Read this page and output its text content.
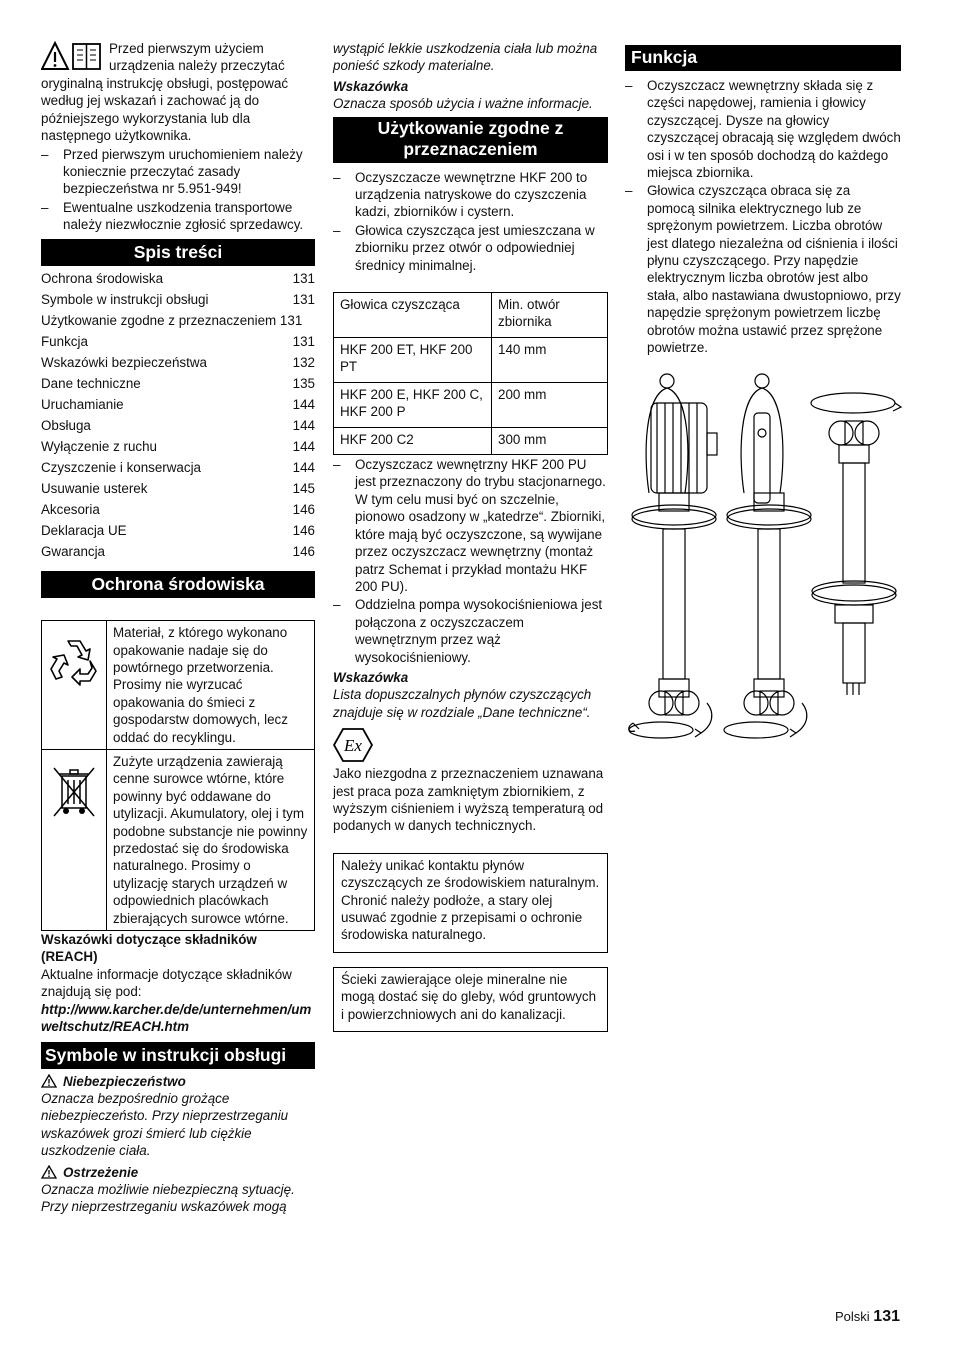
Przed pierwszym użyciem urządzenia należy przeczytać

oryginalną instrukcję obsługi, postępować według jej wskazań i zachować ją do późniejszego wykorzystania lub dla następnego użytkownika.

– Przed pierwszym uruchomieniem należy koniecznie przeczytać zasady bezpieczeństwa nr 5.951-949!
– Ewentualne uszkodzenia transportowe należy niezwłocznie zgłosić sprzedawcy.
Spis treści
Ochrona środowiska	131
Symbole w instrukcji obsługi	131
Użytkowanie zgodne z przeznaczeniem 131
Funkcja	131
Wskazówki bezpieczeństwa	132
Dane techniczne	135
Uruchamianie	144
Obsługa	144
Wyłączenie z ruchu	144
Czyszczenie i konserwacja	144
Usuwanie usterek	145
Akcesoria	146
Deklaracja UE	146
Gwarancja	146
Ochrona środowiska
	Materiał, z którego wykonano opakowanie nadaje się do powtórnego przetworzenia. Prosimy nie wyrzucać opakowania do śmieci z gospodarstw domowych, lecz oddać do recyklingu.
	Zużyte urządzenia zawierają cenne surowce wtórne, które powinny być oddawane do utylizacji. Akumulatory, olej i tym podobne substancje nie powinny przedostać się do środowiska naturalnego. Prosimy o utylizację starych urządzeń w odpowiednich placówkach zbierających surowce wtórne.

Wskazówki dotyczące składników (REACH)

Aktualne informacje dotyczące składników znajdują się pod:

http://www.karcher.de/de/unternehmen/umweltschutz/REACH.htm

Symbole w instrukcji obsługi
Niebezpieczeństwo

Oznacza bezpośrednio grożące niebezpieczeństo. Przy nieprzestrzeganiu wskazówek grozi śmierć lub ciężkie uszkodzenie ciała.

Ostrzeżenie

Oznacza możliwie niebezpieczną sytuację. Przy nieprzestrzeganiu wskazówek mogą

wystąpić lekkie uszkodzenia ciała lub można ponieść szkody materialne.

Wskazówka

Oznacza sposób użycia i ważne informacje.

Użytkowanie zgodne z przeznaczeniem
– Oczyszczacze wewnętrzne HKF 200 to urządzenia natryskowe do czyszczenia kadzi, zbiorników i cystern.
– Głowica czyszcząca jest umieszczana w zbiorniku przez otwór o odpowiedniej średnicy minimalnej.
Głowica czyszcząca	Min. otwór zbiornika
HKF 200 ET, HKF 200 PT	140 mm
HKF 200 E, HKF 200 C, HKF 200 P	200 mm
HKF 200 C2	300 mm
– Oczyszczacz wewnętrzny HKF 200 PU jest przeznaczony do trybu stacjonarnego. W tym celu musi być on szczelnie, pionowo osadzony w „katedrze“. Zbiorniki, które mają być oczyszczone, są wywijane przez oczyszczacz wewnętrzny (montaż patrz Schemat i przykład montażu HKF 200 PU).
– Oddzielna pompa wysokociśnieniowa jest połączona z oczyszczaczem wewnętrznym przez wąż wysokociśnieniowy.

Wskazówka

Lista dopuszczalnych płynów czyszczących znajduje się w rozdziale „Dane techniczne“.

Ex

Jako niezgodna z przeznaczeniem uznawana jest praca poza zamkniętym zbiornikiem, z wyższym ciśnieniem i wyższą temperaturą od podanych w danych technicznych.

Należy unikać kontaktu płynów czyszczących ze środowiskiem naturalnym. Chronić należy podłoże, a stary olej usuwać zgodnie z przepisami o ochronie środowiska naturalnego.
Ścieki zawierające oleje mineralne nie mogą dostać się do gleby, wód gruntowych i powierzchniowych ani do kanalizacji.
Funkcja
– Oczyszczacz wewnętrzny składa się z części napędowej, ramienia i głowicy czyszczącej. Dysze na głowicy czyszczącej obracają się względem dwóch osi i w ten sposób dochodzą do każdego miejsca zbiornika.
– Głowica czyszcząca obraca się za pomocą silnika elektrycznego lub ze sprężonym powietrzem. Liczba obrotów jest dlatego niezależna od ciśnienia i ilości płynu czyszczącego. Przy napędzie elektrycznym liczba obrotów jest albo stała, albo nastawiana dwustopniowo, przy napędzie sprężonym powietrzem liczbę obrotów można ustawić przez sprężone powietrze.
Polski 131
